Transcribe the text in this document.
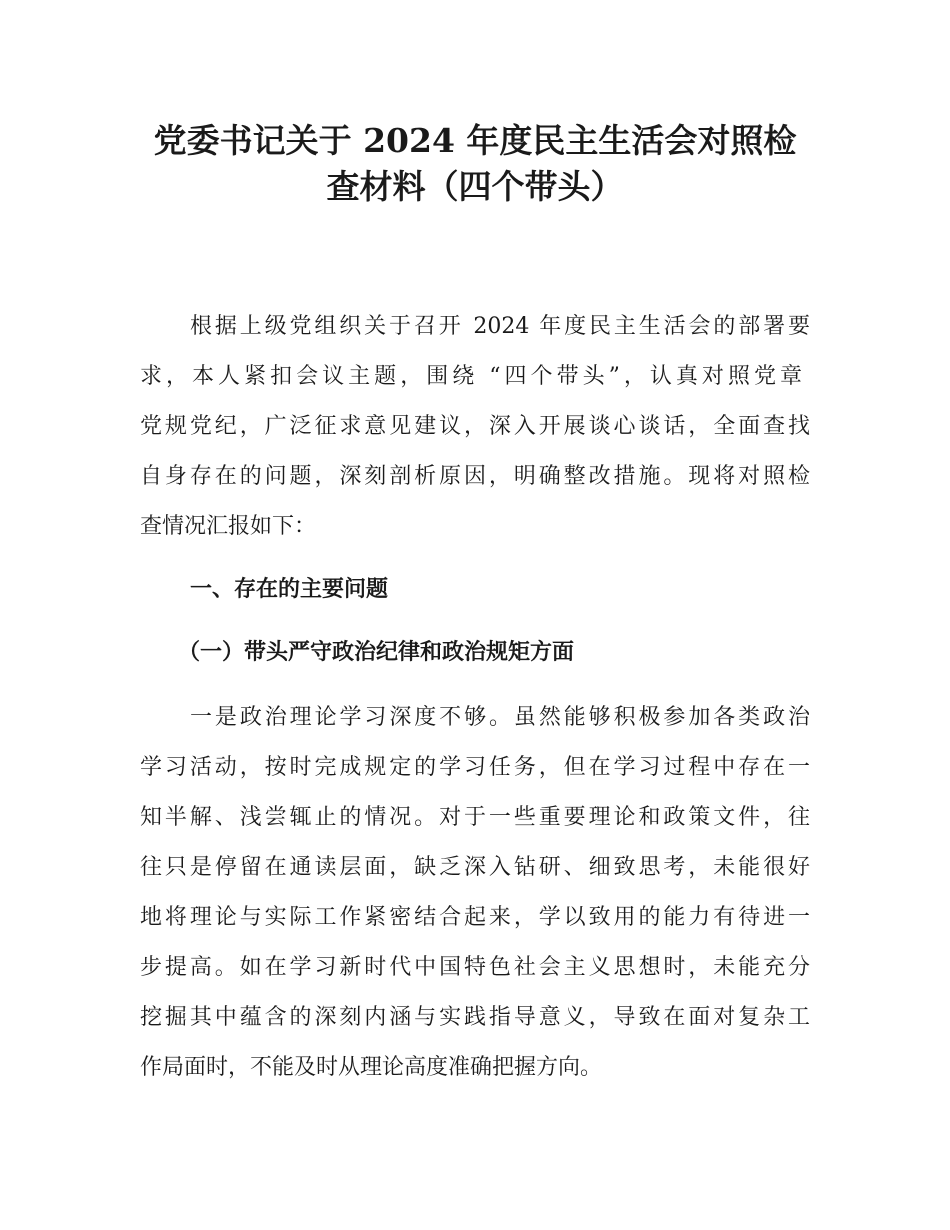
党委书记关于 2024 年度民主生活会对照检
查材料（四个带头）

根据上级党组织关于召开 2024 年度民主生活会的部署要

求，本人紧扣会议主题，围绕 “四个带头”，认真对照党章

党规党纪，广泛征求意见建议，深入开展谈心谈话，全面查找

自身存在的问题，深刻剖析原因，明确整改措施。现将对照检

查情况汇报如下：

一、存在的主要问题
（一）带头严守政治纪律和政治规矩方面

一是政治理论学习深度不够。虽然能够积极参加各类政治

学习活动，按时完成规定的学习任务，但在学习过程中存在一

知半解、浅尝辄止的情况。对于一些重要理论和政策文件，往

往只是停留在通读层面，缺乏深入钻研、细致思考，未能很好

地将理论与实际工作紧密结合起来，学以致用的能力有待进一

步提高。如在学习新时代中国特色社会主义思想时，未能充分

挖掘其中蕴含的深刻内涵与实践指导意义，导致在面对复杂工

作局面时，不能及时从理论高度准确把握方向。
